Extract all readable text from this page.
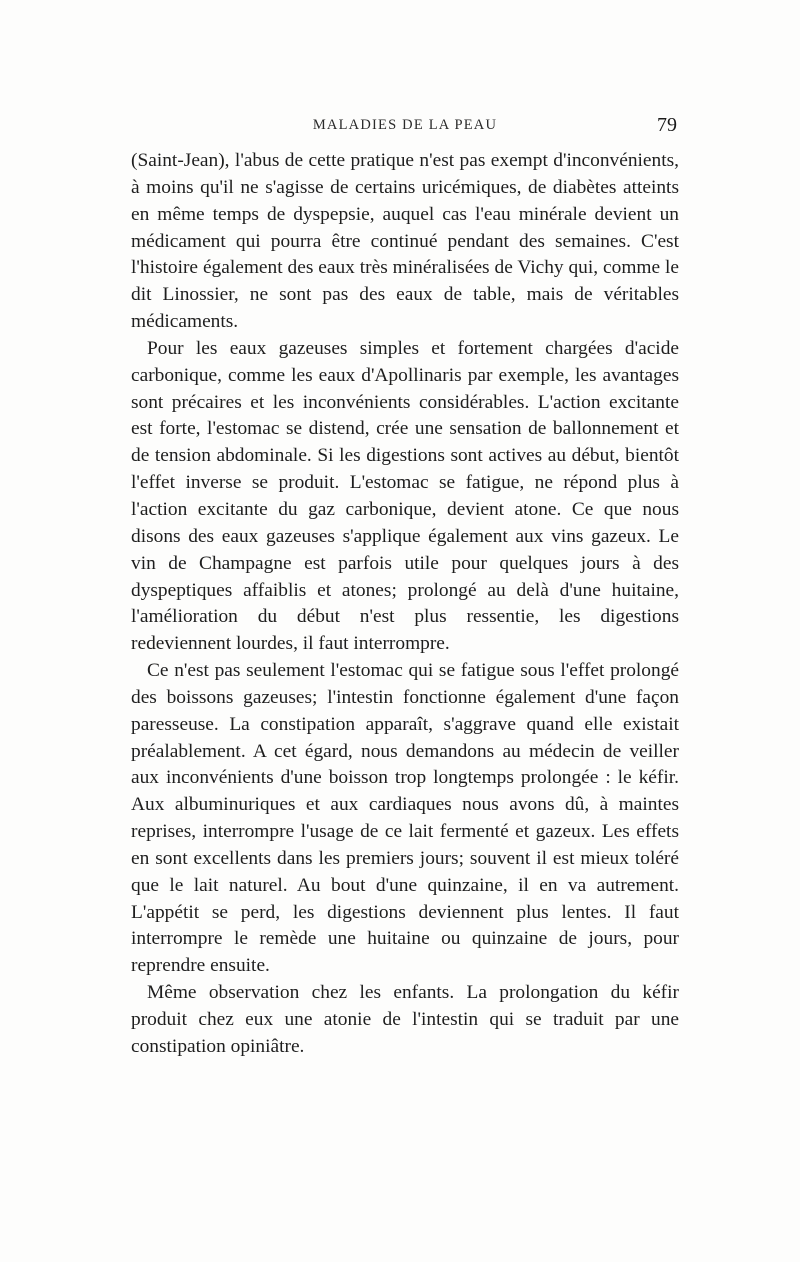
MALADIES DE LA PEAU	79

(Saint-Jean), l'abus de cette pratique n'est pas exempt d'inconvénients, à moins qu'il ne s'agisse de certains uricémiques, de diabètes atteints en même temps de dyspepsie, auquel cas l'eau minérale devient un médicament qui pourra être continué pendant des semaines. C'est l'histoire également des eaux très minéralisées de Vichy qui, comme le dit Linossier, ne sont pas des eaux de table, mais de véritables médicaments.

Pour les eaux gazeuses simples et fortement chargées d'acide carbonique, comme les eaux d'Apollinaris par exemple, les avantages sont précaires et les inconvénients considérables. L'action excitante est forte, l'estomac se distend, crée une sensation de ballonnement et de tension abdominale. Si les digestions sont actives au début, bientôt l'effet inverse se produit. L'estomac se fatigue, ne répond plus à l'action excitante du gaz carbonique, devient atone. Ce que nous disons des eaux gazeuses s'applique également aux vins gazeux. Le vin de Champagne est parfois utile pour quelques jours à des dyspeptiques affaiblis et atones; prolongé au delà d'une huitaine, l'amélioration du début n'est plus ressentie, les digestions redeviennent lourdes, il faut interrompre.

Ce n'est pas seulement l'estomac qui se fatigue sous l'effet prolongé des boissons gazeuses; l'intestin fonctionne également d'une façon paresseuse. La constipation apparaît, s'aggrave quand elle existait préalablement. A cet égard, nous demandons au médecin de veiller aux inconvénients d'une boisson trop longtemps prolongée : le kéfir. Aux albuminuriques et aux cardiaques nous avons dû, à maintes reprises, interrompre l'usage de ce lait fermenté et gazeux. Les effets en sont excellents dans les premiers jours; souvent il est mieux toléré que le lait naturel. Au bout d'une quinzaine, il en va autrement. L'appétit se perd, les digestions deviennent plus lentes. Il faut interrompre le remède une huitaine ou quinzaine de jours, pour reprendre ensuite.

Même observation chez les enfants. La prolongation du kéfir produit chez eux une atonie de l'intestin qui se traduit par une constipation opiniâtre.
